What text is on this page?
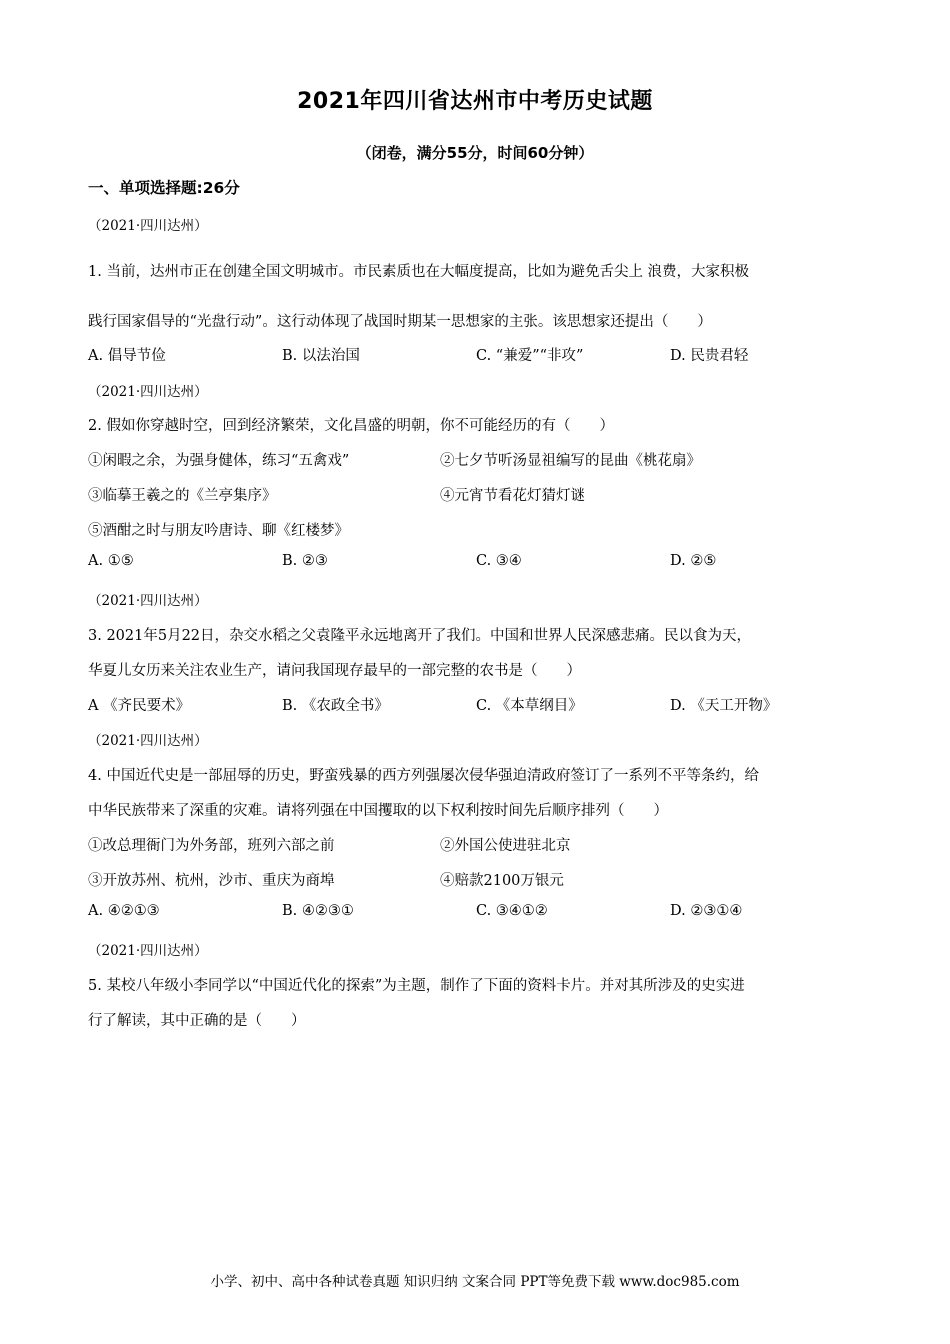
2021年四川省达州市中考历史试题
（闭卷，满分55分，时间60分钟）
一、单项选择题:26分
（2021·四川达州）
1. 当前，达州市正在创建全国文明城市。市民素质也在大幅度提高，比如为避免舌尖上 浪费，大家积极
践行国家倡导的“光盘行动”。这行动体现了战国时期某一思想家的主张。该思想家还提出（　　）
A. 倡导节俭	B. 以法治国	C. “兼爱”“非攻”	D. 民贵君轻
（2021·四川达州）
2. 假如你穿越时空，回到经济繁荣，文化昌盛的明朝，你不可能经历的有（　　）
①闲暇之余，为强身健体，练习“五禽戏”	②七夕节听汤显祖编写的昆曲《桃花扇》
③临摹王羲之的《兰亭集序》	④元宵节看花灯猜灯谜
⑤酒酣之时与朋友吟唐诗、聊《红楼梦》
A. ①⑤	B. ②③	C. ③④	D. ②⑤
（2021·四川达州）
3. 2021年5月22日，杂交水稻之父袁隆平永远地离开了我们。中国和世界人民深感悲痛。民以食为天，
华夏儿女历来关注农业生产，请问我国现存最早的一部完整的农书是（　　）
A 《齐民要术》	B. 《农政全书》	C. 《本草纲目》	D. 《天工开物》
（2021·四川达州）
4. 中国近代史是一部屈辱的历史，野蛮残暴的西方列强屡次侵华强迫清政府签订了一系列不平等条约，给
中华民族带来了深重的灾难。请将列强在中国攫取的以下权利按时间先后顺序排列（　　）
①改总理衙门为外务部，班列六部之前	②外国公使进驻北京
③开放苏州、杭州，沙市、重庆为商埠	④赔款2100万银元
A. ④②①③	B. ④②③①	C. ③④①②	D. ②③①④
（2021·四川达州）
5. 某校八年级小李同学以“中国近代化的探索”为主题，制作了下面的资料卡片。并对其所涉及的史实进
行了解读，其中正确的是（　　）
小学、初中、高中各种试卷真题 知识归纳 文案合同 PPT等免费下载 www.doc985.com
